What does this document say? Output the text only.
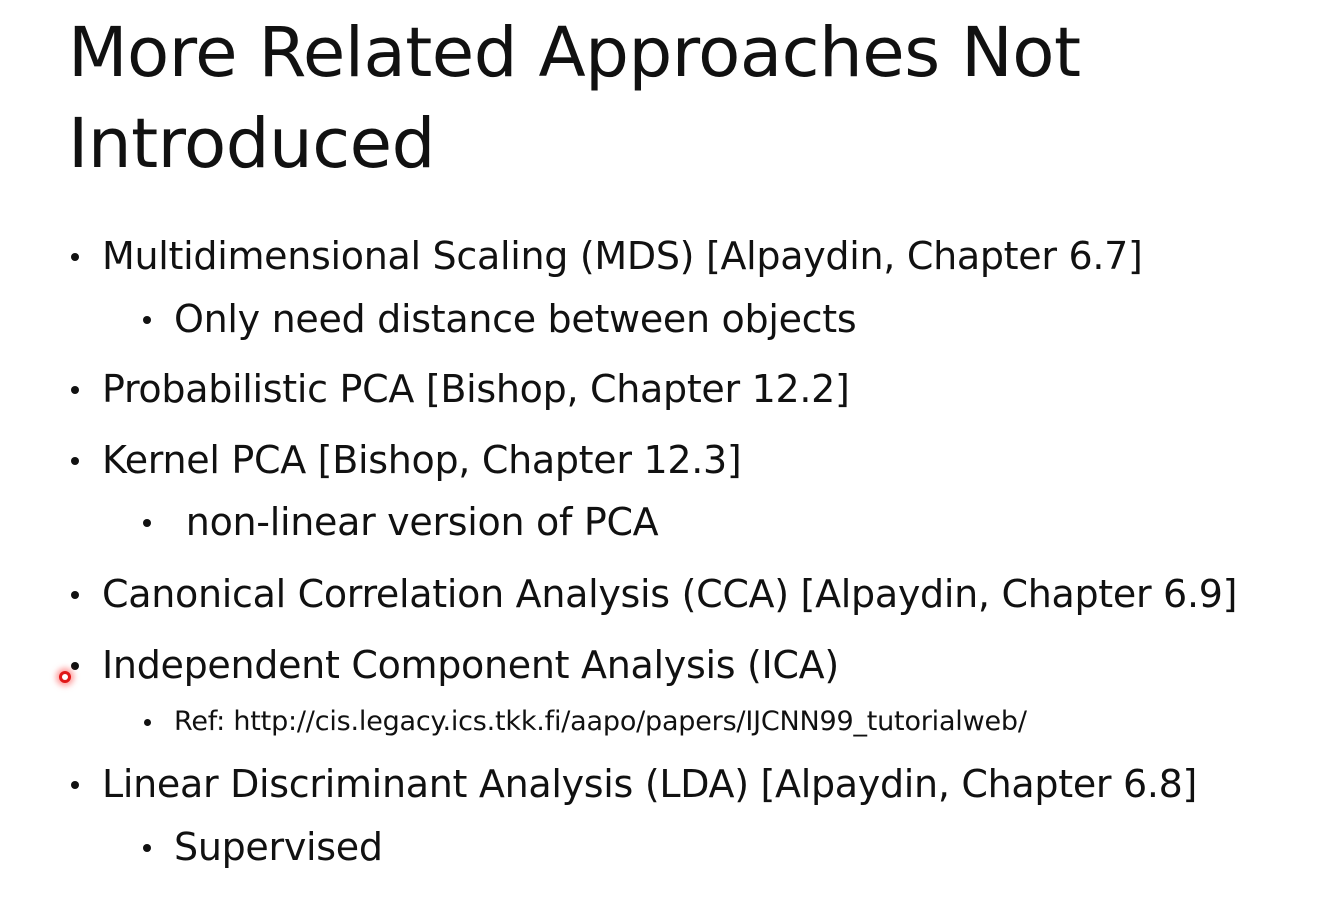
More Related Approaches Not Introduced
Multidimensional Scaling (MDS) [Alpaydin, Chapter 6.7]
Only need distance between objects
Probabilistic PCA [Bishop, Chapter 12.2]
Kernel PCA [Bishop, Chapter 12.3]
non-linear version of PCA
Canonical Correlation Analysis (CCA) [Alpaydin, Chapter 6.9]
Independent Component Analysis (ICA)
Ref: http://cis.legacy.ics.tkk.fi/aapo/papers/IJCNN99_tutorialweb/
Linear Discriminant Analysis (LDA) [Alpaydin, Chapter 6.8]
Supervised
